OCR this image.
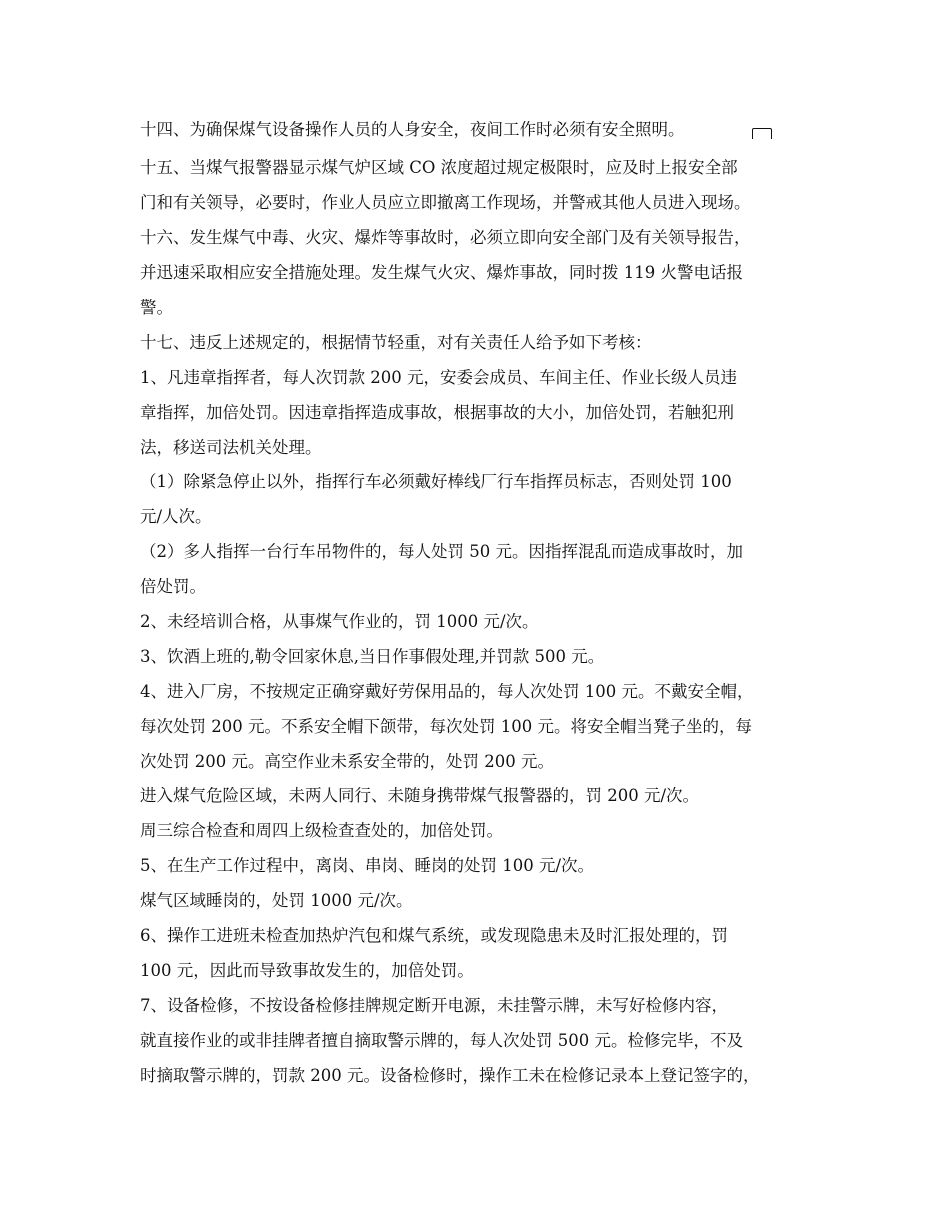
十四、为确保煤气设备操作人员的人身安全，夜间工作时必须有安全照明。
十五、当煤气报警器显示煤气炉区域 CO 浓度超过规定极限时，应及时上报安全部
门和有关领导，必要时，作业人员应立即撤离工作现场，并警戒其他人员进入现场。
十六、发生煤气中毒、火灾、爆炸等事故时，必须立即向安全部门及有关领导报告，
并迅速采取相应安全措施处理。发生煤气火灾、爆炸事故，同时拨 119 火警电话报
警。
十七、违反上述规定的，根据情节轻重，对有关责任人给予如下考核：
1、凡违章指挥者，每人次罚款 200 元，安委会成员、车间主任、作业长级人员违
章指挥，加倍处罚。因违章指挥造成事故，根据事故的大小，加倍处罚，若触犯刑
法，移送司法机关处理。
（1）除紧急停止以外，指挥行车必须戴好棒线厂行车指挥员标志，否则处罚 100
元/人次。
（2）多人指挥一台行车吊物件的，每人处罚 50 元。因指挥混乱而造成事故时，加
倍处罚。
2、未经培训合格，从事煤气作业的，罚 1000 元/次。
3、饮酒上班的,勒令回家休息,当日作事假处理,并罚款 500 元。
4、进入厂房，不按规定正确穿戴好劳保用品的，每人次处罚 100 元。不戴安全帽，
每次处罚 200 元。不系安全帽下颌带，每次处罚 100 元。将安全帽当凳子坐的，每
次处罚 200 元。高空作业未系安全带的，处罚 200 元。
进入煤气危险区域，未两人同行、未随身携带煤气报警器的，罚 200 元/次。
周三综合检查和周四上级检查查处的，加倍处罚。
5、在生产工作过程中，离岗、串岗、睡岗的处罚 100 元/次。
煤气区域睡岗的，处罚 1000 元/次。
6、操作工进班未检查加热炉汽包和煤气系统，或发现隐患未及时汇报处理的，罚
100 元，因此而导致事故发生的，加倍处罚。
7、设备检修，不按设备检修挂牌规定断开电源，未挂警示牌，未写好检修内容，
就直接作业的或非挂牌者擅自摘取警示牌的，每人次处罚 500 元。检修完毕，不及
时摘取警示牌的，罚款 200 元。设备检修时，操作工未在检修记录本上登记签字的，
